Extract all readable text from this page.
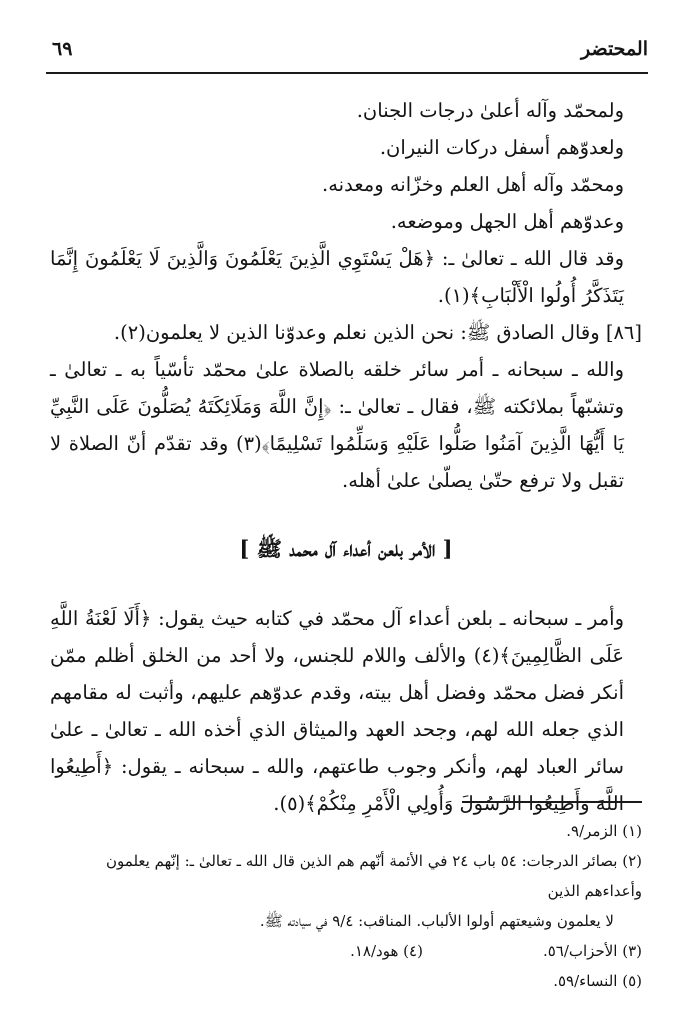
المحتضر
٦٩

ولمحمّد وآله أعلىٰ درجات الجنان.

ولعدوّهم أسفل دركات النيران.

ومحمّد وآله أهل العلم وخزّانه ومعدنه.

وعدوّهم أهل الجهل وموضعه.

وقد قال الله ـ تعالىٰ ـ: ﴿هَلْ يَسْتَوِي الَّذِينَ يَعْلَمُونَ وَالَّذِينَ لَا يَعْلَمُونَ إِنَّمَا يَتَذَكَّرُ أُولُوا الْأَلْبَابِ﴾(١).

[٨٦] وقال الصادق ﷺ: نحن الذين نعلم وعدوّنا الذين لا يعلمون(٢).

والله ـ سبحانه ـ أمر سائر خلقه بالصلاة علىٰ محمّد تأسّياً به ـ تعالىٰ ـ وتشبّهاً بملائكته ﷺ، فقال ـ تعالىٰ ـ: ﴿إِنَّ اللَّهَ وَمَلَائِكَتَهُ يُصَلُّونَ عَلَى النَّبِيِّ يَا أَيُّهَا الَّذِينَ آمَنُوا صَلُّوا عَلَيْهِ وَسَلِّمُوا تَسْلِيمًا﴾(٣) وقد تقدّم أنّ الصلاة لا تقبل ولا ترفع حتّىٰ يصلّىٰ علىٰ أهله.

[ الأمر بلعن أعداء آل محمد ﷺ ]

وأمر ـ سبحانه ـ بلعن أعداء آل محمّد في كتابه حيث يقول: ﴿أَلَا لَعْنَةُ اللَّهِ عَلَى الظَّالِمِينَ﴾(٤) والألف واللام للجنس، ولا أحد من الخلق أظلم ممّن أنكر فضل محمّد وفضل أهل بيته، وقدم عدوّهم عليهم، وأثبت له مقامهم الذي جعله الله لهم، وجحد العهد والميثاق الذي أخذه الله ـ تعالىٰ ـ علىٰ سائر العباد لهم، وأنكر وجوب طاعتهم، والله ـ سبحانه ـ يقول: ﴿أَطِيعُوا اللَّهَ وَأَطِيعُوا الرَّسُولَ وَأُولِي الْأَمْرِ مِنْكُمْ﴾(٥).

(١) الزمر/٩.

(٢) بصائر الدرجات: ٥٤ باب ٢٤ في الأئمة أنّهم هم الذين قال الله ـ تعالىٰ ـ: إنّهم يعلمون وأعداءهم الذين

لا يعلمون وشيعتهم أولوا الألباب. المناقب: ٩/٤ في سيادته ﷺ.

(٣) الأحزاب/٥٦.
(٤) هود/١٨.

(٥) النساء/٥٩.
